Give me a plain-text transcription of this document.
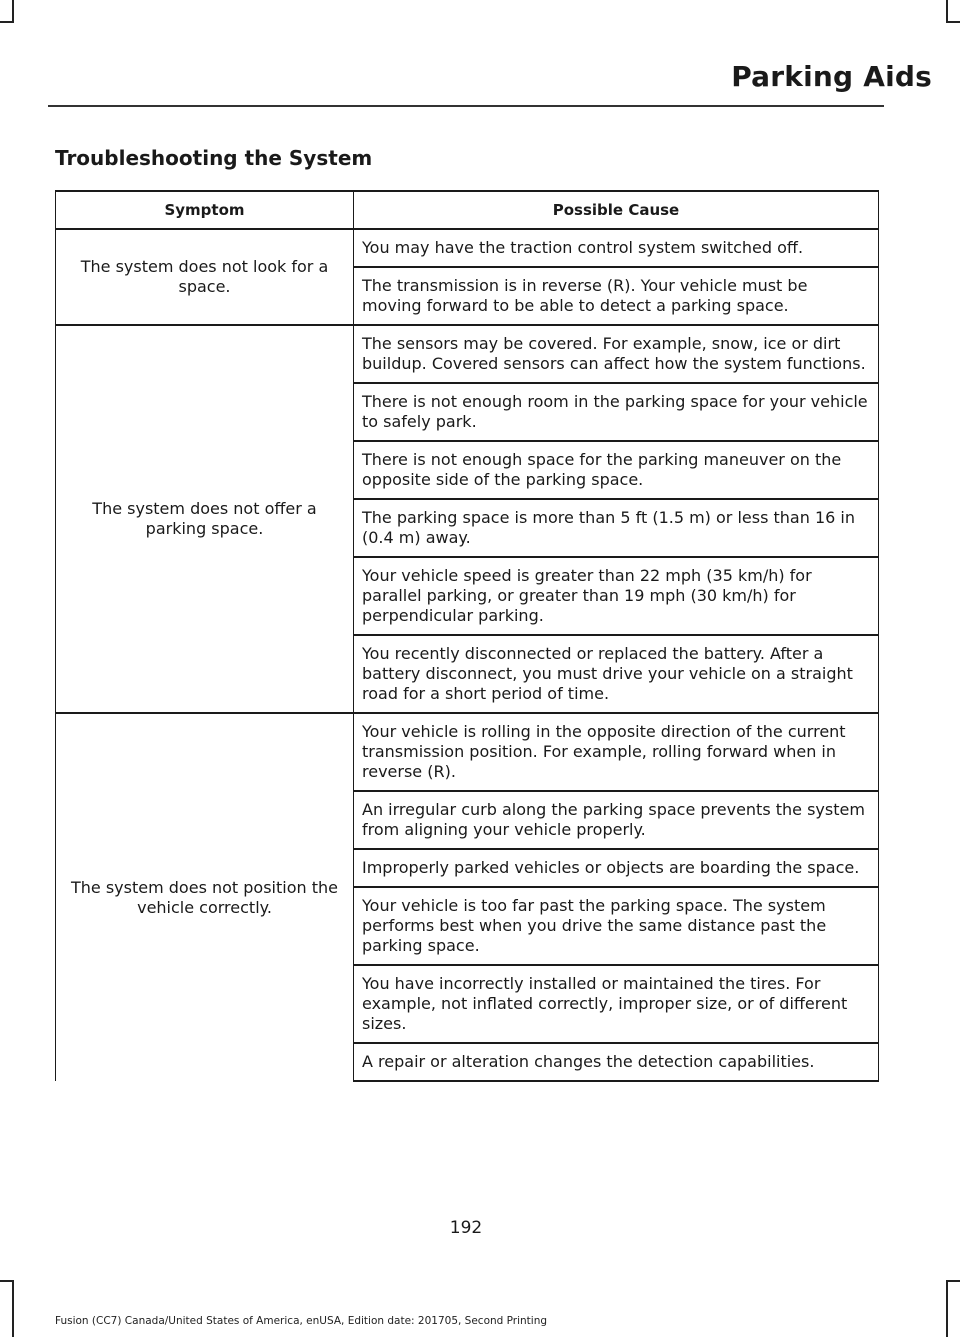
Parking Aids
Troubleshooting the System
Symptom	Possible Cause
The system does not look for a space.	You may have the traction control system switched off.
	The transmission is in reverse (R). Your vehicle must be moving forward to be able to detect a parking space.
The system does not offer a parking space.	The sensors may be covered. For example, snow, ice or dirt buildup. Covered sensors can affect how the system functions.
	There is not enough room in the parking space for your vehicle to safely park.
	There is not enough space for the parking maneuver on the opposite side of the parking space.
	The parking space is more than 5 ft (1.5 m) or less than 16 in (0.4 m) away.
	Your vehicle speed is greater than 22 mph (35 km/h) for parallel parking, or greater than 19 mph (30 km/h) for perpendicular parking.
	You recently disconnected or replaced the battery. After a battery disconnect, you must drive your vehicle on a straight road for a short period of time.
The system does not position the vehicle correctly.	Your vehicle is rolling in the opposite direction of the current transmission position. For example, rolling forward when in reverse (R).
	An irregular curb along the parking space prevents the system from aligning your vehicle properly.
	Improperly parked vehicles or objects are boarding the space.
	Your vehicle is too far past the parking space. The system performs best when you drive the same distance past the parking space.
	You have incorrectly installed or maintained the tires. For example, not inflated correctly, improper size, or of different sizes.
	A repair or alteration changes the detection capabilities.
192
Fusion (CC7) Canada/United States of America, enUSA, Edition date: 201705, Second Printing
